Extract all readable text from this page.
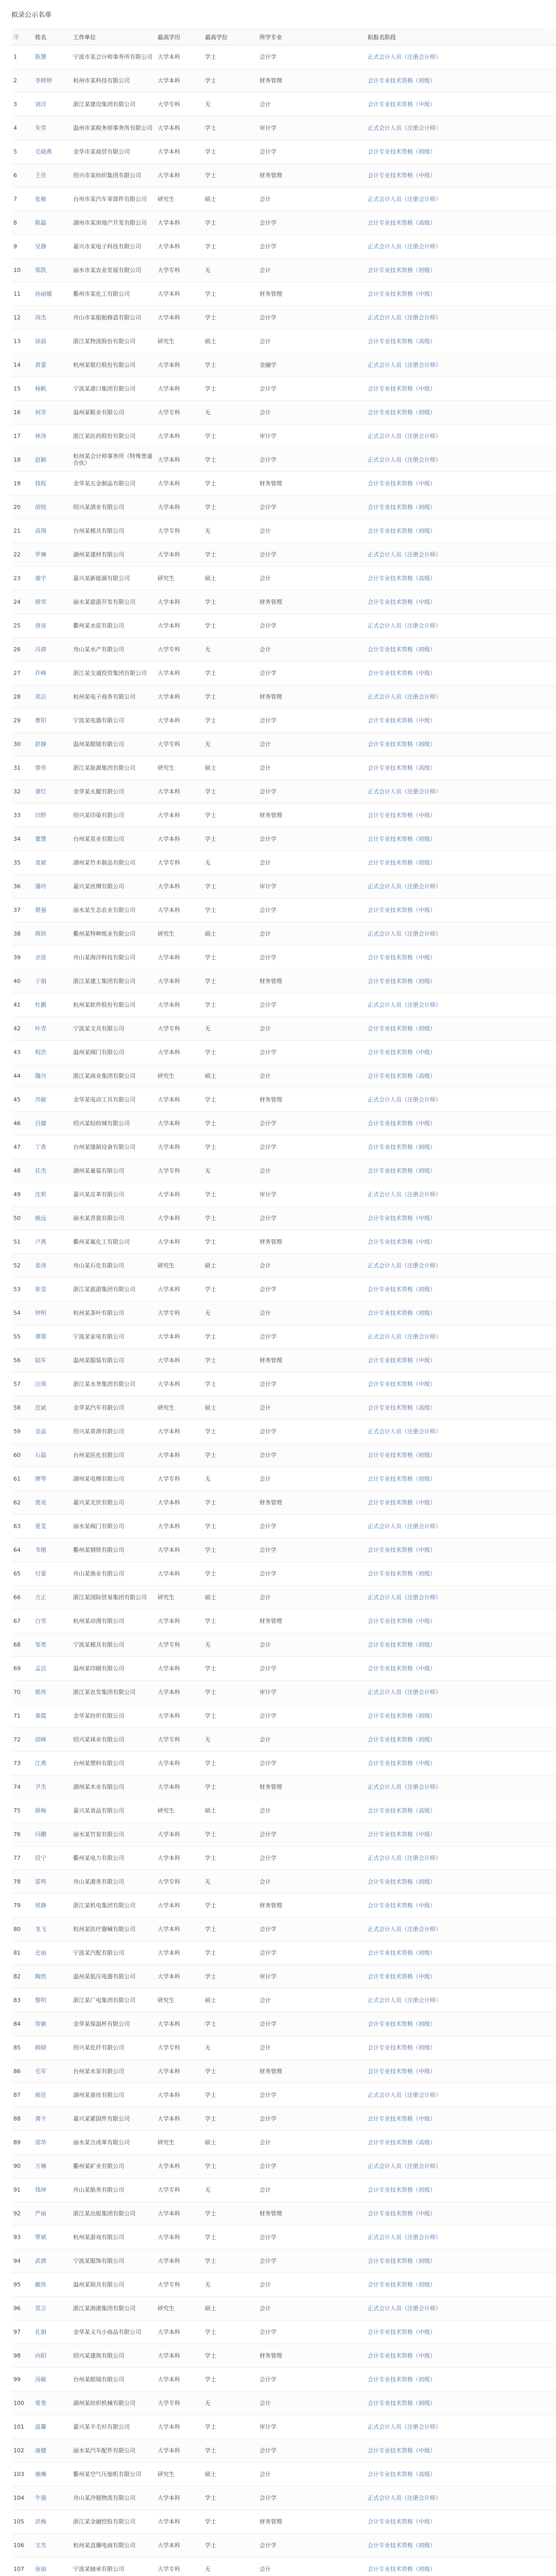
拟录公示名单
序	姓名	工作单位	最高学历	最高学位	所学专业	拟报名阶段
1	陈慧	宁波市某会计师事务所有限公司	大学本科	学士	会计学	正式会计人员（注册会计师）
2	李婷婷	杭州市某科技有限公司	大学本科	学士	财务管理	会计专业技术资格（初级）
3	刘洋	浙江某建设集团有限公司	大学专科	无	会计	会计专业技术资格（中级）
4	朱雪	温州市某税务师事务所有限公司	大学本科	学士	审计学	正式会计人员（注册会计师）
5	毛晓燕	金华市某商贸有限公司	大学本科	学士	会计学	会计专业技术资格（初级）
6	王佳	绍兴市某纺织集团有限公司	大学本科	学士	财务管理	会计专业技术资格（中级）
7	张敏	台州市某汽车零部件有限公司	研究生	硕士	会计	正式会计人员（注册会计师）
8	陈磊	湖州市某房地产开发有限公司	大学本科	学士	会计学	会计专业技术资格（高级）
9	吴静	嘉兴市某电子科技有限公司	大学本科	学士	会计学	正式会计人员（注册会计师）
10	郑凯	丽水市某农业发展有限公司	大学专科	无	会计	会计专业技术资格（初级）
11	孙丽娜	衢州市某化工有限公司	大学本科	学士	财务管理	会计专业技术资格（中级）
12	周杰	舟山市某船舶修造有限公司	大学本科	学士	会计学	正式会计人员（注册会计师）
13	徐晨	浙江某物流股份有限公司	研究生	硕士	会计	会计专业技术资格（高级）
14	黄蕾	杭州某银行股份有限公司	大学本科	学士	金融学	正式会计人员（注册会计师）
15	杨帆	宁波某港口集团有限公司	大学本科	学士	会计学	会计专业技术资格（中级）
16	何芳	温州某鞋业有限公司	大学专科	无	会计	会计专业技术资格（初级）
17	林涛	浙江某医药股份有限公司	大学本科	学士	审计学	正式会计人员（注册会计师）
18	赵颖	杭州某会计师事务所（特殊普通合伙）	大学本科	学士	会计学	正式会计人员（注册会计师）
19	钱程	金华某五金制品有限公司	大学本科	学士	财务管理	会计专业技术资格（中级）
20	胡悦	绍兴某酒业有限公司	大学本科	学士	会计学	会计专业技术资格（初级）
21	高翔	台州某模具有限公司	大学专科	无	会计	会计专业技术资格（初级）
22	罗琳	湖州某建材有限公司	大学本科	学士	会计学	正式会计人员（注册会计师）
23	谢宇	嘉兴某新能源有限公司	研究生	硕士	会计	会计专业技术资格（高级）
24	韩雪	丽水某旅游开发有限公司	大学本科	学士	财务管理	会计专业技术资格（中级）
25	唐亮	衢州某水泥有限公司	大学本科	学士	会计学	正式会计人员（注册会计师）
26	冯倩	舟山某水产有限公司	大学专科	无	会计	会计专业技术资格（初级）
27	许峰	浙江某交通投资集团有限公司	大学本科	学士	会计学	会计专业技术资格（中级）
28	邓洁	杭州某电子商务有限公司	大学本科	学士	财务管理	正式会计人员（注册会计师）
29	曹阳	宁波某电器有限公司	大学本科	学士	会计学	会计专业技术资格（中级）
30	彭静	温州某眼镜有限公司	大学专科	无	会计	会计专业技术资格（初级）
31	曾伟	浙江某能源集团有限公司	研究生	硕士	会计	会计专业技术资格（高级）
32	萧红	金华某火腿有限公司	大学本科	学士	会计学	正式会计人员（注册会计师）
33	田野	绍兴某印染有限公司	大学本科	学士	财务管理	会计专业技术资格（中级）
34	董慧	台州某泵业有限公司	大学本科	学士	会计学	会计专业技术资格（初级）
35	袁斌	湖州某竹木制品有限公司	大学专科	无	会计	会计专业技术资格（初级）
36	潘玲	嘉兴某丝绸有限公司	大学本科	学士	审计学	正式会计人员（注册会计师）
37	蔡强	丽水某生态农业有限公司	大学本科	学士	会计学	会计专业技术资格（中级）
38	蒋欣	衢州某特种纸业有限公司	研究生	硕士	会计	正式会计人员（注册会计师）
39	余波	舟山某海洋科技有限公司	大学本科	学士	会计学	会计专业技术资格（中级）
40	于娟	浙江某建工集团有限公司	大学本科	学士	财务管理	会计专业技术资格（初级）
41	杜鹏	杭州某软件股份有限公司	大学本科	学士	会计学	正式会计人员（注册会计师）
42	叶青	宁波某文具有限公司	大学专科	无	会计	会计专业技术资格（初级）
43	程浩	温州某阀门有限公司	大学本科	学士	会计学	会计专业技术资格（中级）
44	魏丹	浙江某商业集团有限公司	研究生	硕士	会计	会计专业技术资格（高级）
45	苏敏	金华某电动工具有限公司	大学本科	学士	财务管理	正式会计人员（注册会计师）
46	吕健	绍兴某轻纺城有限公司	大学本科	学士	会计学	会计专业技术资格（中级）
47	丁香	台州某缝制设备有限公司	大学本科	学士	会计学	会计专业技术资格（初级）
48	任杰	湖州某童装有限公司	大学专科	无	会计	会计专业技术资格（初级）
49	沈莉	嘉兴某皮革有限公司	大学本科	学士	审计学	正式会计人员（注册会计师）
50	姚远	丽水某青瓷有限公司	大学本科	学士	会计学	会计专业技术资格（中级）
51	卢燕	衢州某氟化工有限公司	大学本科	学士	财务管理	会计专业技术资格（中级）
52	姜涛	舟山某石化有限公司	研究生	硕士	会计	正式会计人员（注册会计师）
53	崔莹	浙江某旅游集团有限公司	大学本科	学士	会计学	会计专业技术资格（初级）
54	钟明	杭州某茶叶有限公司	大学专科	无	会计	会计专业技术资格（初级）
55	谭蓉	宁波某家电有限公司	大学本科	学士	会计学	正式会计人员（注册会计师）
56	陆军	温州某服装有限公司	大学本科	学士	财务管理	会计专业技术资格（中级）
57	汪琪	浙江某水务集团有限公司	大学本科	学士	会计学	会计专业技术资格（中级）
58	范斌	金华某汽车有限公司	研究生	硕士	会计	会计专业技术资格（高级）
59	金晶	绍兴某黄酒有限公司	大学本科	学士	会计学	正式会计人员（注册会计师）
60	石磊	台州某医化有限公司	大学本科	学士	会计学	会计专业技术资格（初级）
61	廖琴	湖州某电梯有限公司	大学专科	无	会计	会计专业技术资格（初级）
62	贾亮	嘉兴某光伏有限公司	大学本科	学士	财务管理	会计专业技术资格（中级）
63	夏雯	丽水某阀门有限公司	大学本科	学士	会计学	正式会计人员（注册会计师）
64	韦刚	衢州某钢铁有限公司	大学本科	学士	会计学	会计专业技术资格（中级）
65	付蕾	舟山某渔业有限公司	大学本科	学士	会计学	会计专业技术资格（初级）
66	方正	浙江某国际贸易集团有限公司	研究生	硕士	会计	正式会计人员（注册会计师）
67	白雪	杭州某动漫有限公司	大学本科	学士	财务管理	会计专业技术资格（中级）
68	邹勇	宁波某模具有限公司	大学专科	无	会计	会计专业技术资格（初级）
69	孟洁	温州某印刷有限公司	大学本科	学士	会计学	会计专业技术资格（中级）
70	熊伟	浙江某农发集团有限公司	大学本科	学士	审计学	正式会计人员（注册会计师）
71	秦霞	金华某纺织有限公司	大学本科	学士	会计学	会计专业技术资格（初级）
72	邱峰	绍兴某袜业有限公司	大学专科	无	会计	会计专业技术资格（初级）
73	江燕	台州某塑料有限公司	大学本科	学士	会计学	会计专业技术资格（中级）
74	尹杰	湖州某木业有限公司	大学本科	学士	财务管理	正式会计人员（注册会计师）
75	薛梅	嘉兴某食品有限公司	研究生	硕士	会计	会计专业技术资格（高级）
76	闫鹏	丽水某竹炭有限公司	大学本科	学士	会计学	会计专业技术资格（中级）
77	段宁	衢州某电力有限公司	大学本科	学士	会计学	正式会计人员（注册会计师）
78	雷鸣	舟山某港务有限公司	大学专科	无	会计	会计专业技术资格（初级）
79	侯静	浙江某机电集团有限公司	大学本科	学士	财务管理	会计专业技术资格（中级）
80	龙飞	杭州某医疗器械有限公司	大学本科	学士	会计学	正式会计人员（注册会计师）
81	史丽	宁波某汽配有限公司	大学本科	学士	会计学	会计专业技术资格（初级）
82	陶然	温州某低压电器有限公司	大学本科	学士	审计学	会计专业技术资格（中级）
83	黎明	浙江某广电集团有限公司	研究生	硕士	会计	正式会计人员（注册会计师）
84	贺敏	金华某保温杯有限公司	大学本科	学士	会计学	会计专业技术资格（初级）
85	顾晓	绍兴某化纤有限公司	大学专科	无	会计	会计专业技术资格（初级）
86	毛军	台州某水泵有限公司	大学本科	学士	财务管理	会计专业技术资格（中级）
87	郝佳	湖州某蚕丝有限公司	大学本科	学士	会计学	正式会计人员（注册会计师）
88	龚平	嘉兴某紧固件有限公司	大学本科	学士	会计学	会计专业技术资格（中级）
89	邵华	丽水某合成革有限公司	研究生	硕士	会计	会计专业技术资格（高级）
90	万琳	衢州某矿业有限公司	大学本科	学士	会计学	正式会计人员（注册会计师）
91	钱坤	舟山某船务有限公司	大学专科	无	会计	会计专业技术资格（初级）
92	严丽	浙江某出版集团有限公司	大学本科	学士	财务管理	会计专业技术资格（中级）
93	覃斌	杭州某游戏有限公司	大学本科	学士	会计学	正式会计人员（注册会计师）
94	武倩	宁波某服饰有限公司	大学本科	学士	会计学	会计专业技术资格（初级）
95	戴伟	温州某锁具有限公司	大学专科	无	会计	会计专业技术资格（初级）
96	莫言	浙江某海港集团有限公司	研究生	硕士	会计	正式会计人员（注册会计师）
97	孔娟	金华某义乌小商品有限公司	大学本科	学士	会计学	会计专业技术资格（中级）
98	向阳	绍兴某建筑有限公司	大学本科	学士	财务管理	会计专业技术资格（中级）
99	汤敏	台州某眼镜有限公司	大学本科	学士	会计学	会计专业技术资格（初级）
100	常勇	湖州某纺织机械有限公司	大学专科	无	会计	会计专业技术资格（初级）
101	温馨	嘉兴某羊毛衫有限公司	大学本科	学士	审计学	正式会计人员（注册会计师）
102	康健	丽水某汽车配件有限公司	大学本科	学士	会计学	会计专业技术资格（中级）
103	施琳	衢州某空气压缩机有限公司	研究生	硕士	会计	会计专业技术资格（高级）
104	牛强	舟山某冷链物流有限公司	大学本科	学士	会计学	正式会计人员（注册会计师）
105	洪梅	浙江某金融控股有限公司	大学本科	学士	财务管理	会计专业技术资格（中级）
106	文杰	杭州某直播电商有限公司	大学本科	学士	会计学	会计专业技术资格（初级）
107	庞丽	宁波某轴承有限公司	大学专科	无	会计	会计专业技术资格（初级）
